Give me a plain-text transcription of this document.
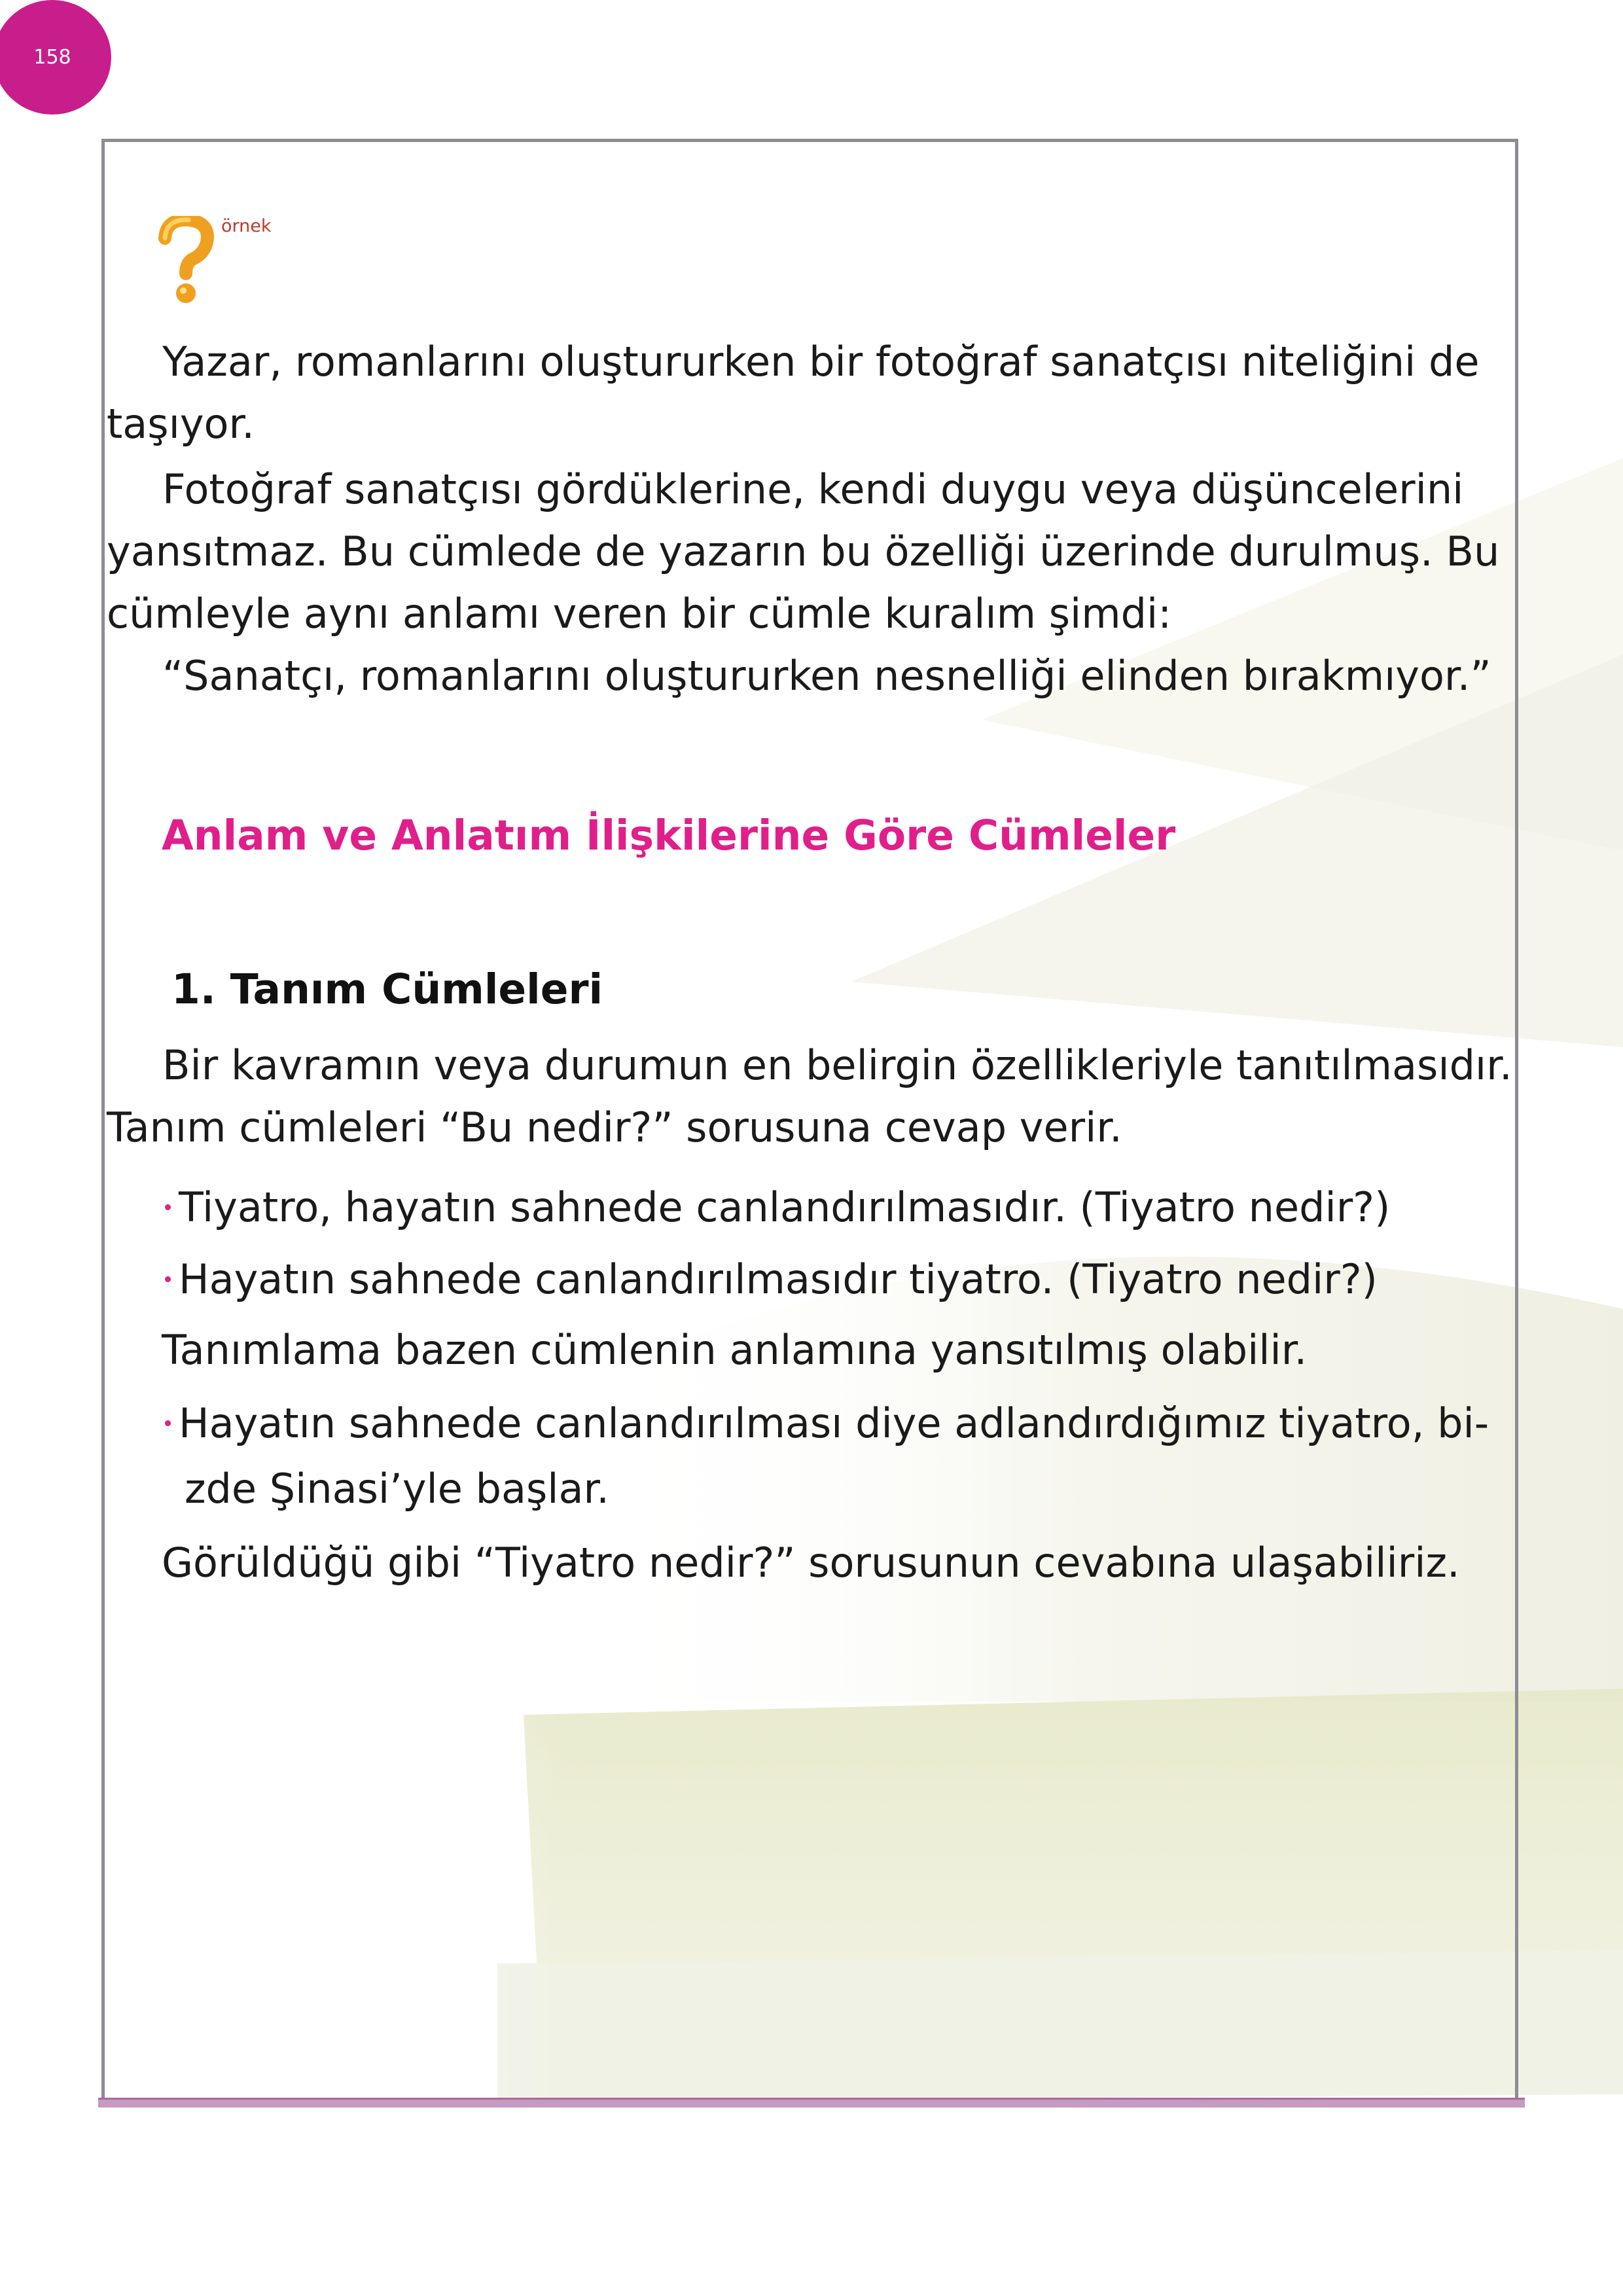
158
örnek

Yazar, romanlarını oluştururken bir fotoğraf sanatçısı niteliğini de taşıyor.

Fotoğraf sanatçısı gördüklerine, kendi duygu veya düşüncelerini yansıtmaz. Bu cümlede de yazarın bu özelliği üzerinde durulmuş. Bu cümleyle aynı anlamı veren bir cümle kuralım şimdi:

“Sanatçı, romanlarını oluştururken nesnelliği elinden bırakmıyor.”

Anlam ve Anlatım İlişkilerine Göre Cümleler
1. Tanım Cümleleri

Bir kavramın veya durumun en belirgin özellikleriyle tanıtılmasıdır. Tanım cümleleri “Bu nedir?” sorusuna cevap verir.

Tiyatro, hayatın sahnede canlandırılmasıdır. (Tiyatro nedir?)
Hayatın sahnede canlandırılmasıdır tiyatro. (Tiyatro nedir?)

Tanımlama bazen cümlenin anlamına yansıtılmış olabilir.

Hayatın sahnede canlandırılması diye adlandırdığımız tiyatro, bi-
zde Şinasi’yle başlar.

Görüldüğü gibi “Tiyatro nedir?” sorusunun cevabına ulaşabiliriz.
